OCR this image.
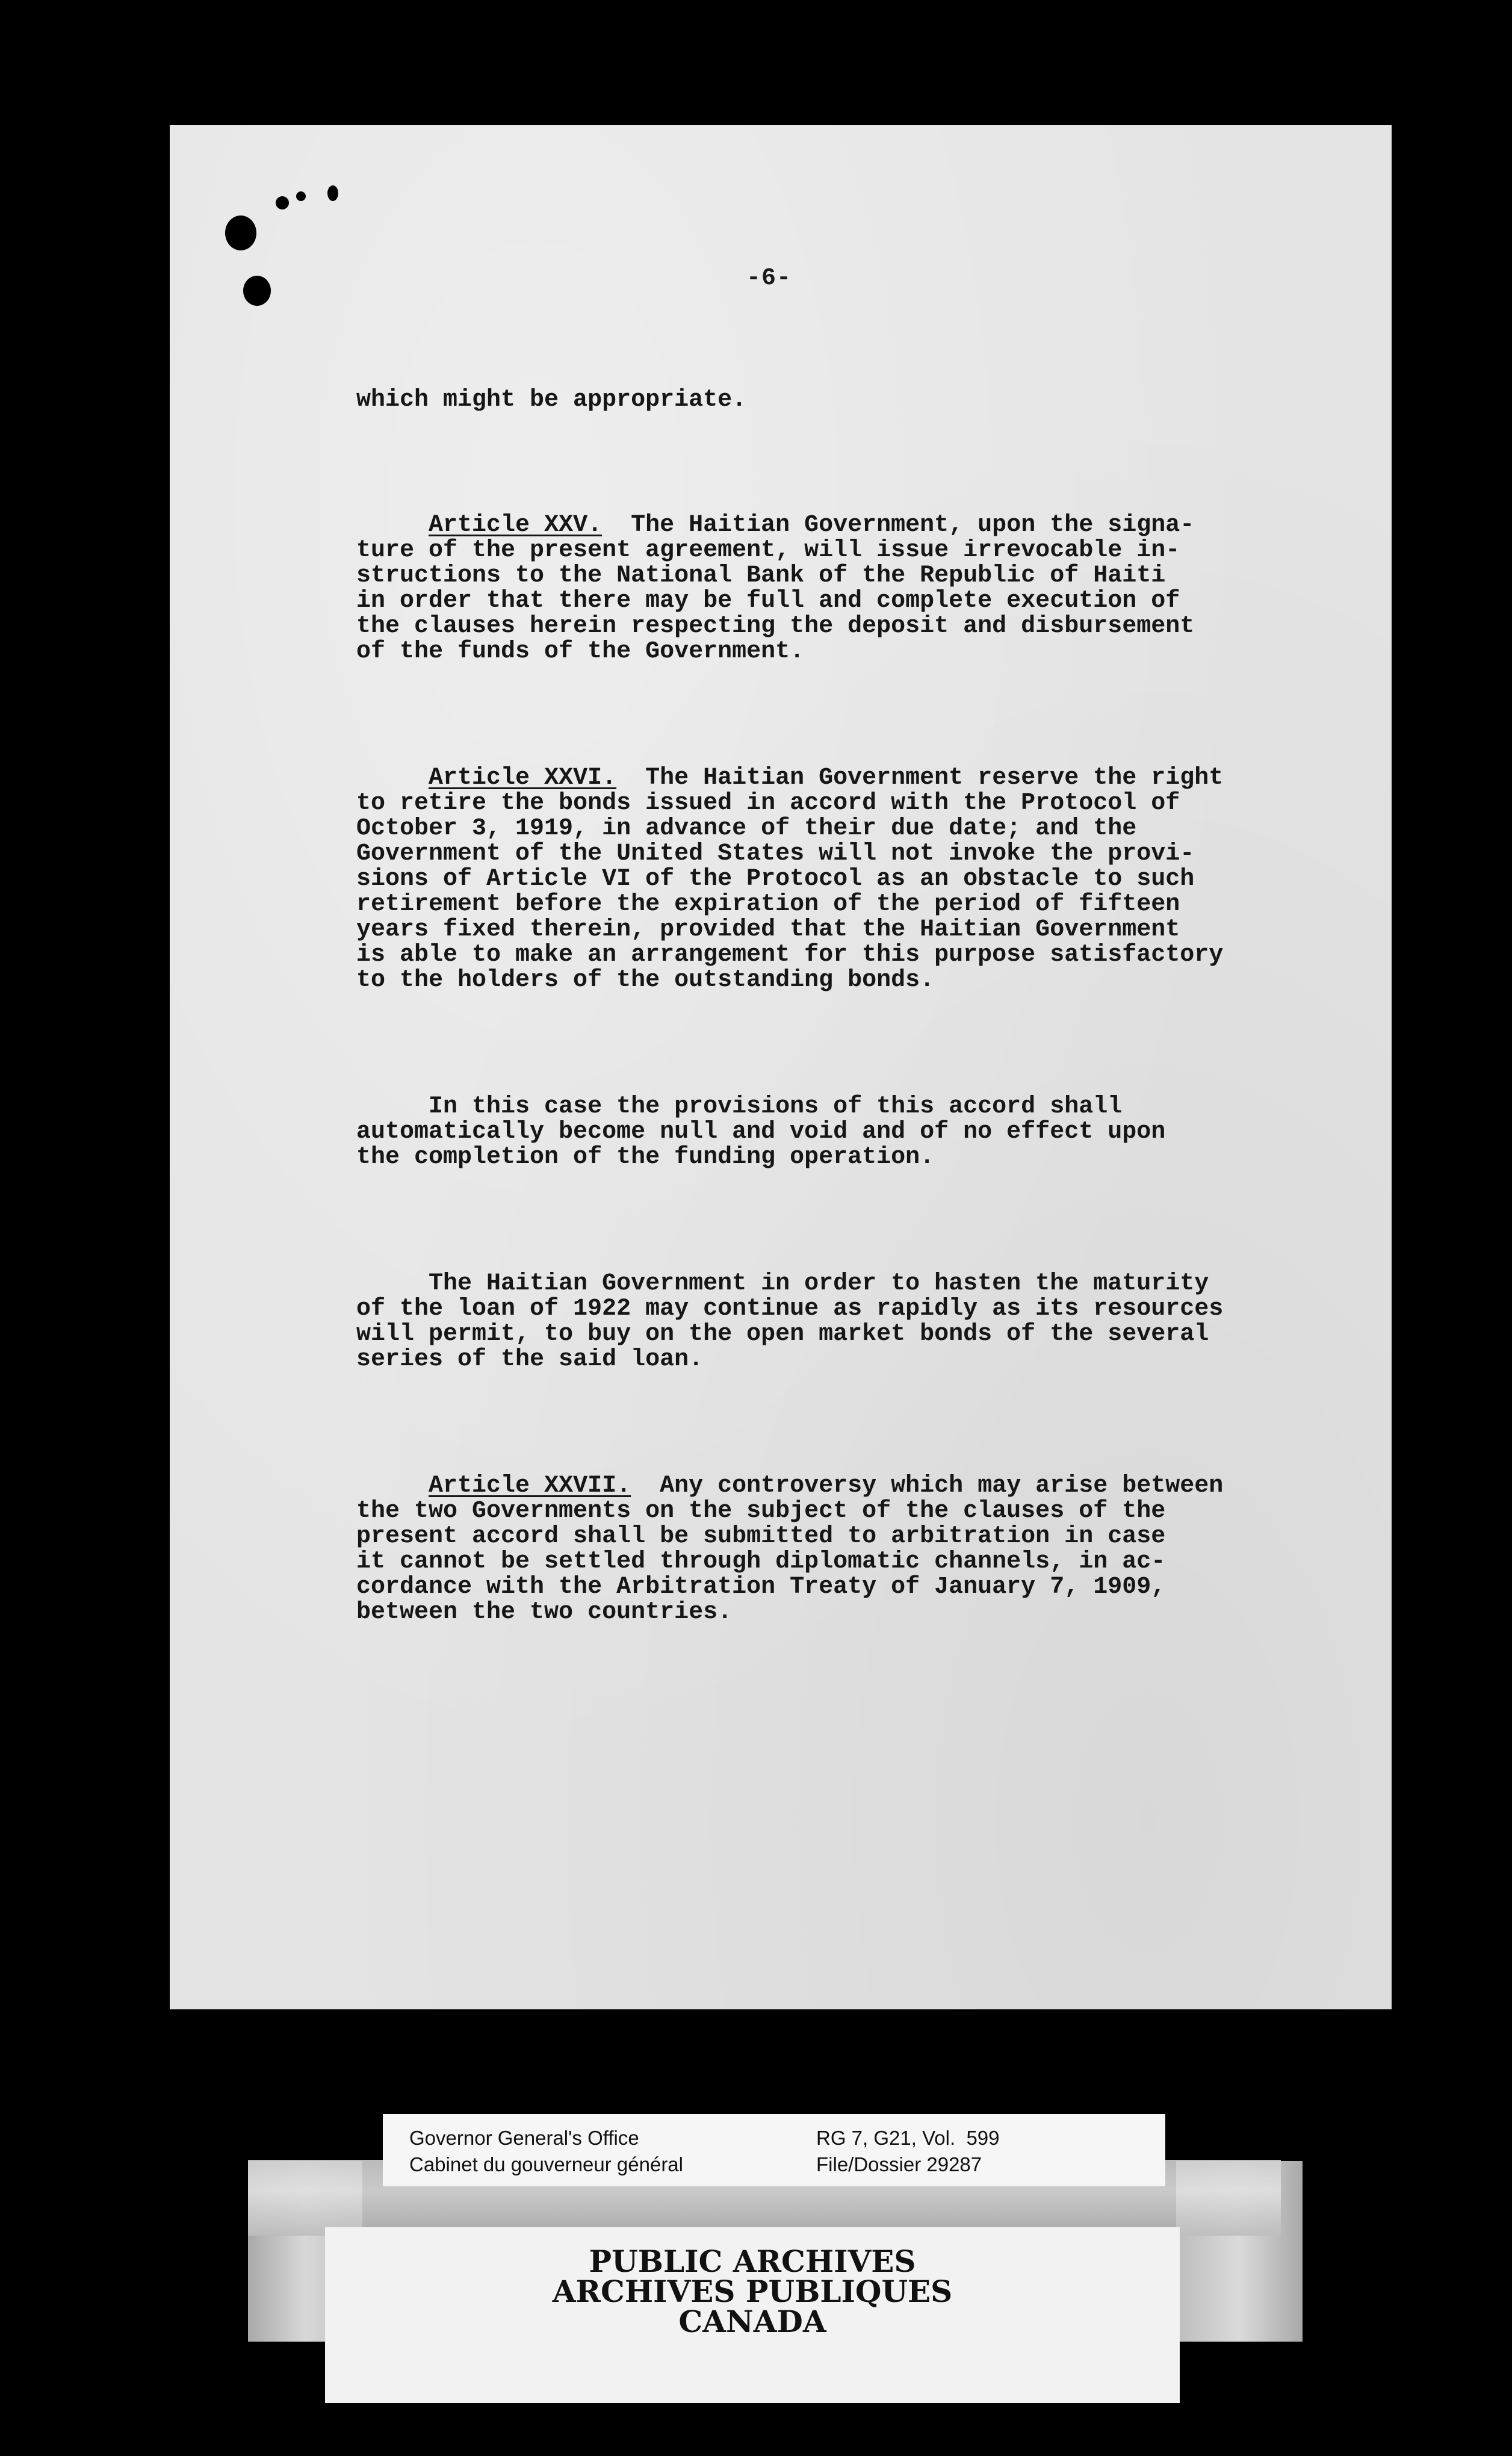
-6-

which might be appropriate.

Article XXV.  The Haitian Government, upon the signa-
ture of the present agreement, will issue irrevocable in-
structions to the National Bank of the Republic of Haiti
in order that there may be full and complete execution of
the clauses herein respecting the deposit and disbursement
of the funds of the Government.

Article XXVI.  The Haitian Government reserve the right
to retire the bonds issued in accord with the Protocol of
October 3, 1919, in advance of their due date; and the
Government of the United States will not invoke the provi-
sions of Article VI of the Protocol as an obstacle to such
retirement before the expiration of the period of fifteen
years fixed therein, provided that the Haitian Government
is able to make an arrangement for this purpose satisfactory
to the holders of the outstanding bonds.

In this case the provisions of this accord shall
automatically become null and void and of no effect upon
the completion of the funding operation.

The Haitian Government in order to hasten the maturity
of the loan of 1922 may continue as rapidly as its resources
will permit, to buy on the open market bonds of the several
series of the said loan.

Article XXVII.  Any controversy which may arise between
the two Governments on the subject of the clauses of the
present accord shall be submitted to arbitration in case
it cannot be settled through diplomatic channels, in ac-
cordance with the Arbitration Treaty of January 7, 1909,
between the two countries.

Governor General's Office
Cabinet du gouverneur général
RG 7, G21, Vol.  599
File/Dossier 29287
PUBLIC ARCHIVES
ARCHIVES PUBLIQUES
CANADA
